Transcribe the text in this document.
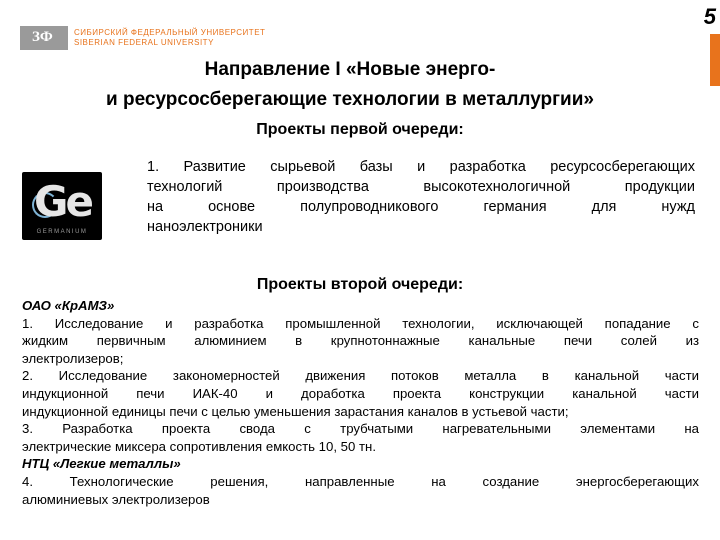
5
ЗФ	СИБИРСКИЙ ФЕДЕРАЛЬНЫЙ УНИВЕРСИТЕТ
SIBERIAN FEDERAL UNIVERSITY
Направление I «Новые энерго-
и ресурсосберегающие технологии в металлургии»
Проекты первой очереди:
Ge
GERMANIUM
1. Развитие сырьевой базы и разработка ресурсосберегающих
технологий производства высокотехнологичной продукции
на основе полупроводникового германия для нужд
наноэлектроники
Проекты второй очереди:
ОАО «КрАМЗ»
1. Исследование и разработка промышленной технологии, исключающей попадание с
жидким первичным алюминием в крупнотоннажные канальные печи солей из
электролизеров;
2. Исследование закономерностей движения потоков металла в канальной части
индукционной печи ИАК-40 и доработка проекта конструкции канальной части
индукционной единицы печи с целью уменьшения зарастания каналов в устьевой части;
3. Разработка проекта свода с трубчатыми нагревательными элементами на
электрические миксера сопротивления емкость 10, 50 тн.
НТЦ «Легкие металлы»
4. Технологические решения, направленные на создание энергосберегающих
алюминиевых электролизеров
